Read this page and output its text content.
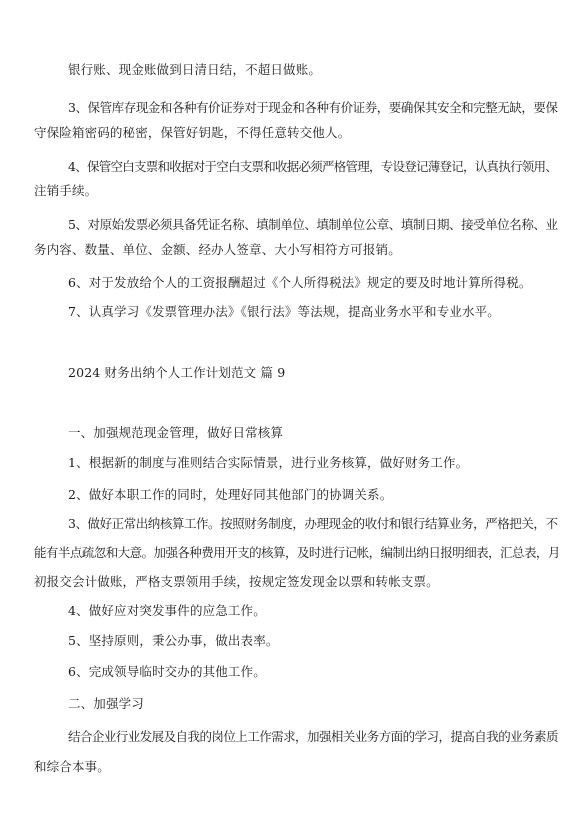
银行账、现金账做到日清日结，不超日做账。
3、保管库存现金和各种有价证券对于现金和各种有价证券，要确保其安全和完整无缺，要保
守保险箱密码的秘密，保管好钥匙，不得任意转交他人。
4、保管空白支票和收据对于空白支票和收据必须严格管理，专设登记薄登记，认真执行领用、
注销手续。
5、对原始发票必须具备凭证名称、填制单位、填制单位公章、填制日期、接受单位名称、业
务内容、数量、单位、金额、经办人签章、大小写相符方可报销。
6、对于发放给个人的工资报酬超过《个人所得税法》规定的要及时地计算所得税。
7、认真学习《发票管理办法》《银行法》等法规，提高业务水平和专业水平。
2024 财务出纳个人工作计划范文 篇 9
一、加强规范现金管理，做好日常核算
1、根据新的制度与准则结合实际情景，进行业务核算，做好财务工作。
2、做好本职工作的同时，处理好同其他部门的协调关系。
3、做好正常出纳核算工作。按照财务制度，办理现金的收付和银行结算业务，严格把关，不
能有半点疏忽和大意。加强各种费用开支的核算，及时进行记帐，编制出纳日报明细表，汇总表，月
初报交会计做账，严格支票领用手续，按规定签发现金以票和转帐支票。
4、做好应对突发事件的应急工作。
5、坚持原则，秉公办事，做出表率。
6、完成领导临时交办的其他工作。
二、加强学习
结合企业行业发展及自我的岗位上工作需求，加强相关业务方面的学习，提高自我的业务素质
和综合本事。
